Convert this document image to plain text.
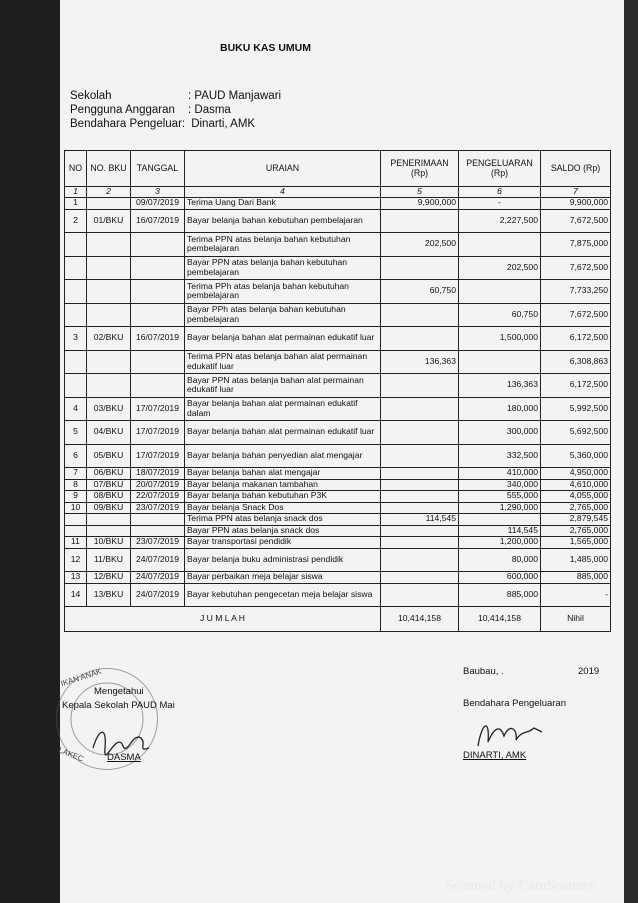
BUKU KAS UMUM
Sekolah	: PAUD Manjawari
Pengguna Anggaran : Dasma
Bendahara Pengeluar: Dinarti, AMK
NO	NO. BKU	TANGGAL	URAIAN	PENERIMAAN (Rp)	PENGELUARAN (Rp)	SALDO (Rp)
1	2	3	4	5	6	7
1		09/07/2019	Terima Uang Dari Bank	9,900,000	-	9,900,000
2	01/BKU	16/07/2019	Bayar belanja bahan kebutuhan pembelajaran		2,227,500	7,672,500
			Terima PPN atas belanja bahan kebutuhan pembelajaran	202,500		7,875,000
			Bayar PPN atas belanja bahan kebutuhan pembelajaran		202,500	7,672,500
			Terima PPh atas belanja bahan kebutuhan pembelajaran	60,750		7,733,250
			Bayar PPh atas belanja bahan kebutuhan pembelajaran		60,750	7,672,500
3	02/BKU	16/07/2019	Bayar belanja bahan alat permainan edukatif luar		1,500,000	6,172,500
			Terima PPN atas belanja bahan alat permainan edukatif luar	136,363		6,308,863
			Bayar PPN atas belanja bahan alat permainan edukatif luar		136,363	6,172,500
4	03/BKU	17/07/2019	Bayar belanja bahan alat permainan edukatif dalam		180,000	5,992,500
5	04/BKU	17/07/2019	Bayar belanja bahan alat permainan edukatif luar		300,000	5,692,500
6	05/BKU	17/07/2019	Bayar belanja bahan penyedian alat mengajar		332,500	5,360,000
7	06/BKU	18/07/2019	Bayar belanja bahan alat mengajar		410,000	4,950,000
8	07/BKU	20/07/2019	Bayar belanja makanan tambahan		340,000	4,610,000
9	08/BKU	22/07/2019	Bayar belanja bahan kebutuhan P3K		555,000	4,055,000
10	09/BKU	23/07/2019	Bayar belanja Snack Dos		1,290,000	2,765,000
			Terima PPN atas belanja snack dos	114,545		2,879,545
			Bayar PPN atas belanja snack dos		114,545	2,765,000
11	10/BKU	23/07/2019	Bayar transportasi pendidik		1,200,000	1,565,000
12	11/BKU	24/07/2019	Bayar belanja buku administrasi pendidik		80,000	1,485,000
13	12/BKU	24/07/2019	Bayar perbaikan meja belajar siswa		600,000	885,000
14	13/BKU	24/07/2019	Bayar kebutuhan pengecetan meja belajar siswa		885,000	-
J U M L A H				10,414,158	10,414,158	Nihil
Baubau, .	2019
IKAN ANAK
LAKEC
Mengetahui
Kepala Sekolah PAUD Mai
DASMA
Bendahara Pengeluaran
DINARTI, AMK
Scanned by CamScanner
